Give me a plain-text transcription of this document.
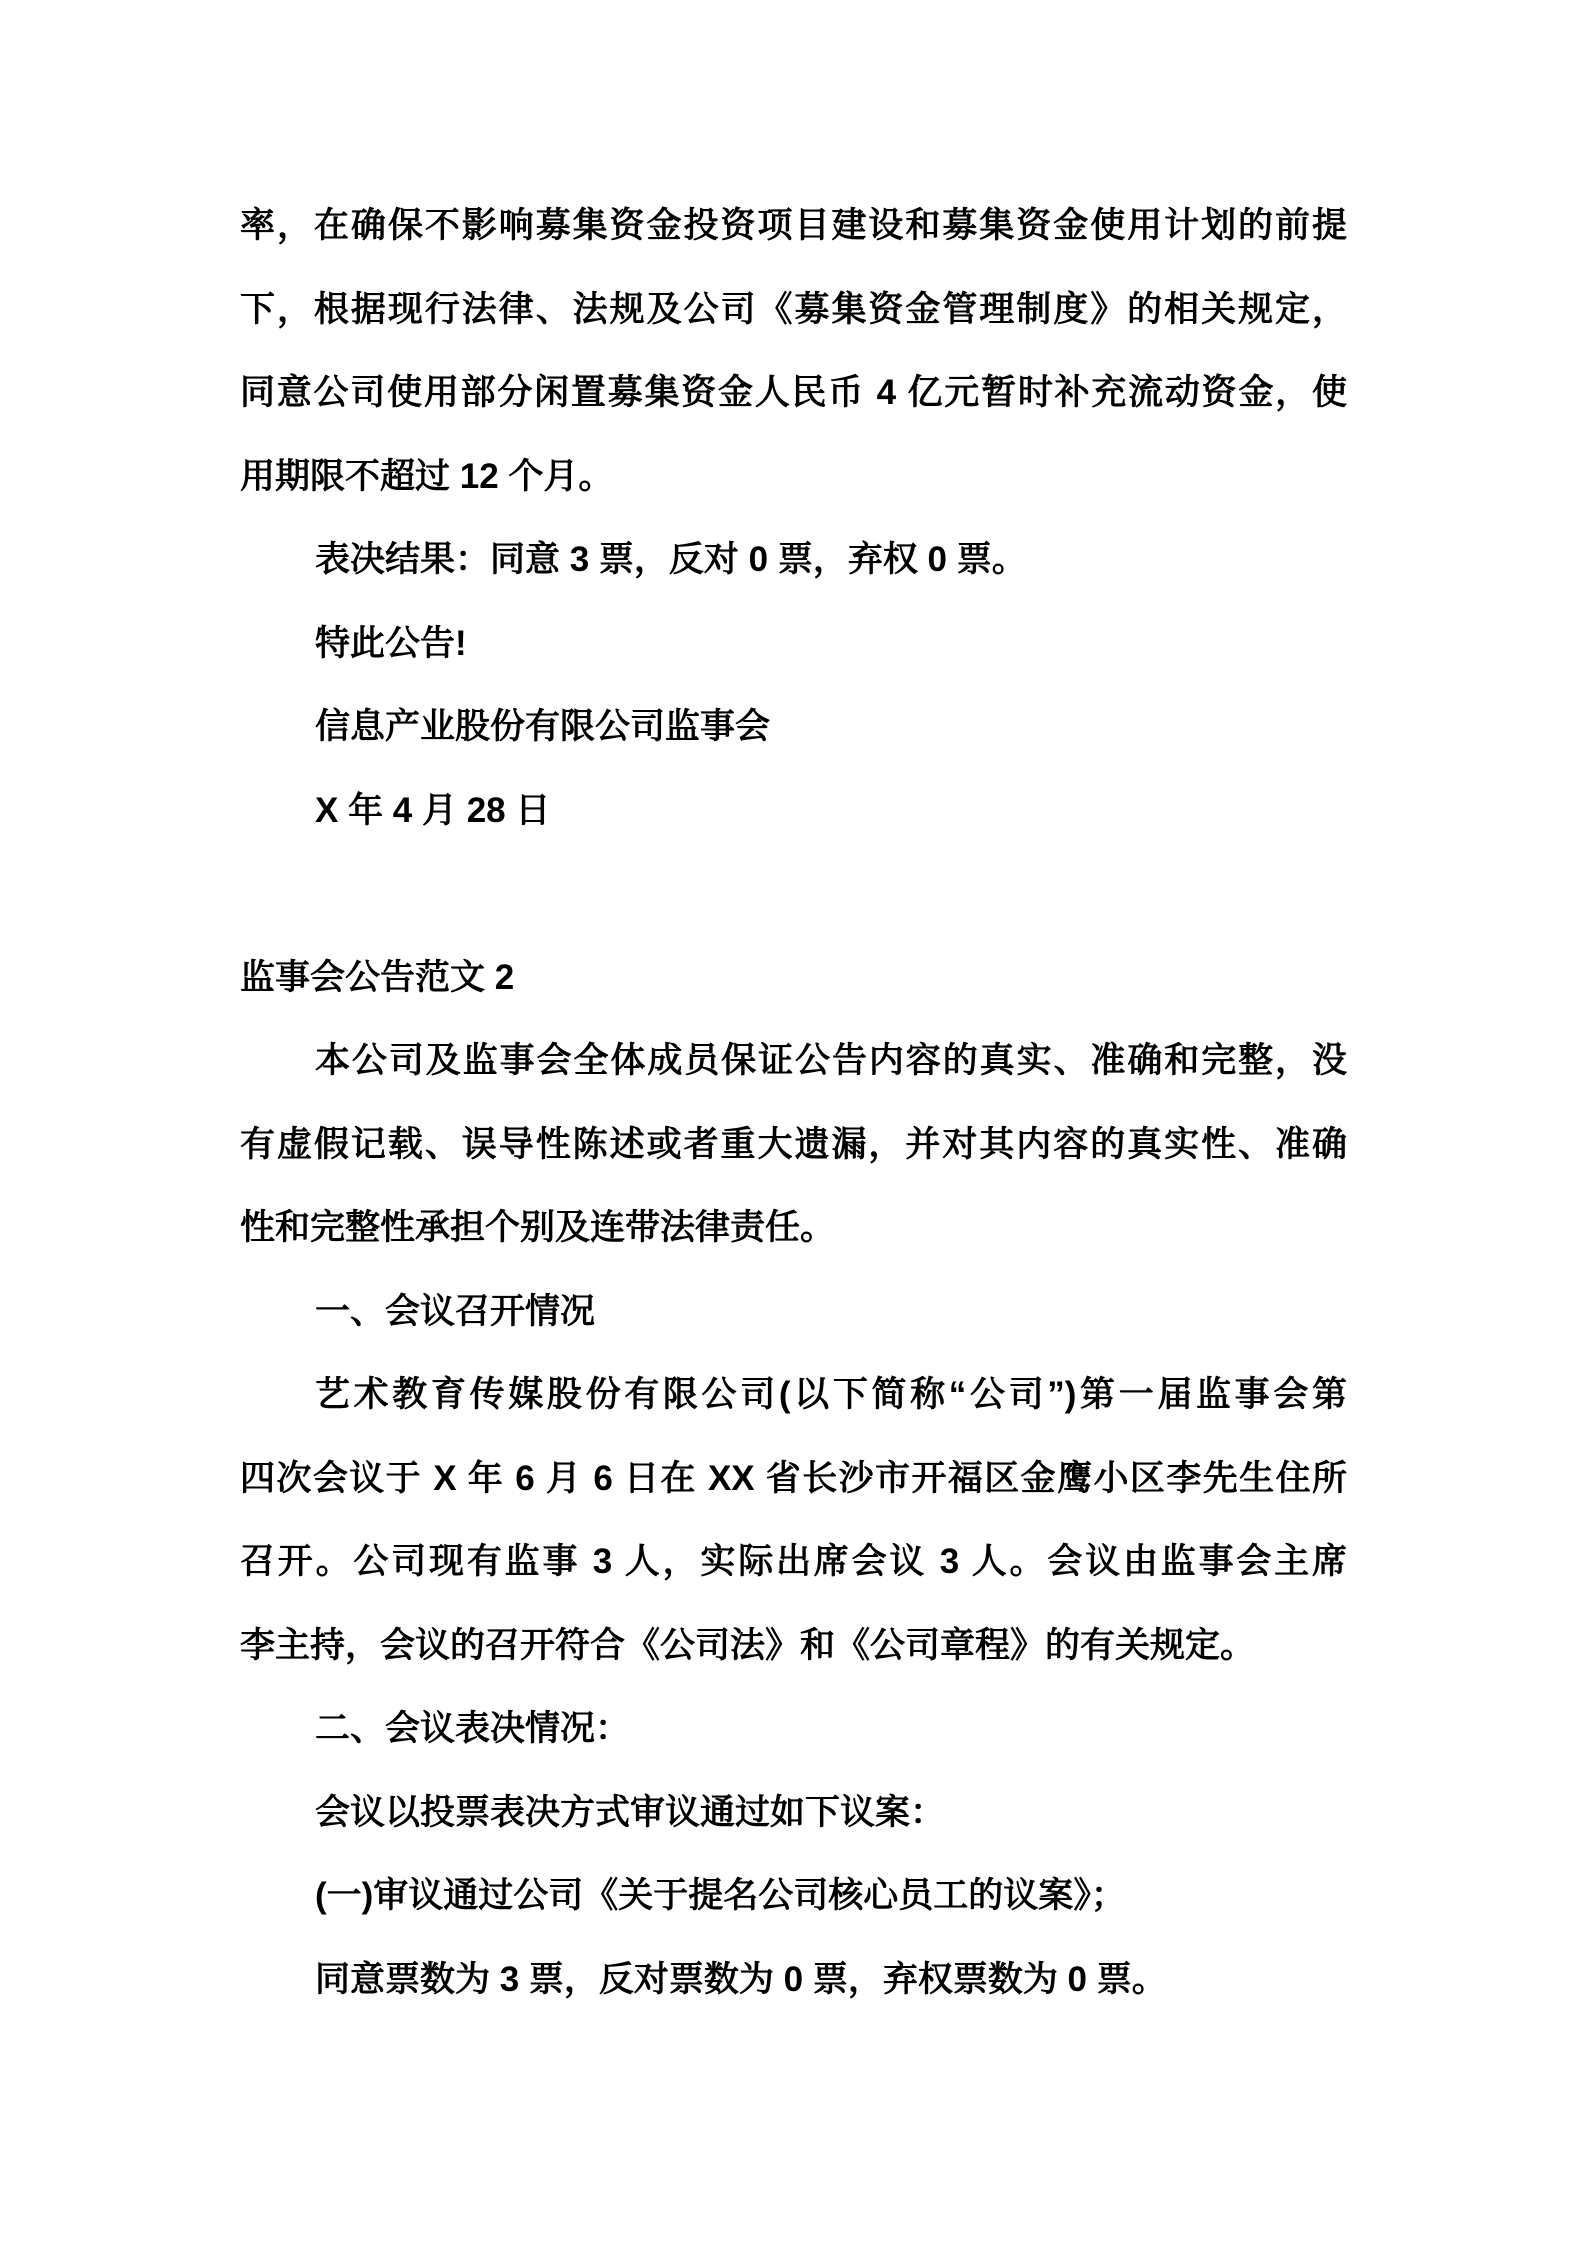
率，在确保不影响募集资金投资项目建设和募集资金使用计划的前提
下，根据现行法律、法规及公司《募集资金管理制度》的相关规定，
同意公司使用部分闲置募集资金人民币 4 亿元暂时补充流动资金，使
用期限不超过 12 个月。
表决结果：同意 3 票，反对 0 票，弃权 0 票。
特此公告!
信息产业股份有限公司监事会
X 年 4 月 28 日
监事会公告范文 2
本公司及监事会全体成员保证公告内容的真实、准确和完整，没
有虚假记载、误导性陈述或者重大遗漏，并对其内容的真实性、准确
性和完整性承担个别及连带法律责任。
一、会议召开情况
艺术教育传媒股份有限公司(以下简称“公司”)第一届监事会第
四次会议于 X 年 6 月 6 日在 XX 省长沙市开福区金鹰小区李先生住所
召开。公司现有监事 3 人，实际出席会议 3 人。会议由监事会主席
李主持，会议的召开符合《公司法》和《公司章程》的有关规定。
二、会议表决情况：
会议以投票表决方式审议通过如下议案：
(一)审议通过公司《关于提名公司核心员工的议案》；
同意票数为 3 票，反对票数为 0 票，弃权票数为 0 票。
